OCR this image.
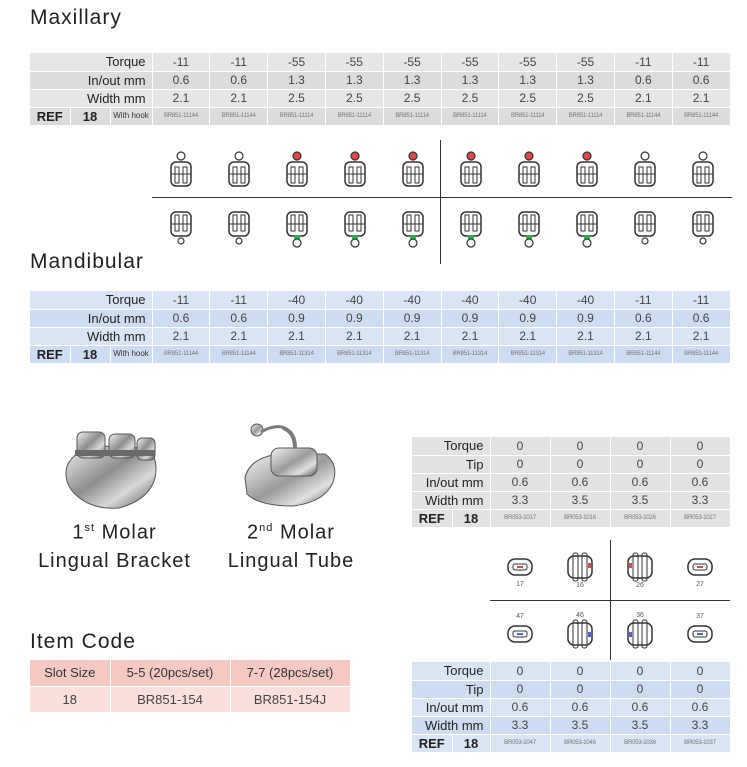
Maxillary
Torque			-11	-11	-55	-55	-55	-55	-55	-55	-11	-11
In/out mm			0.6	0.6	1.3	1.3	1.3	1.3	1.3	1.3	0.6	0.6
Width mm			2.1	2.1	2.5	2.5	2.5	2.5	2.5	2.5	2.1	2.1
REF	18	With hook	BR851-11144	BR851-11144	BR851-11114	BR851-11114	BR851-11114	BR851-11114	BR851-11114	BR851-11114	BR851-11144	BR851-11144
Mandibular
Torque			-11	-11	-40	-40	-40	-40	-40	-40	-11	-11
In/out mm			0.6	0.6	0.9	0.9	0.9	0.9	0.9	0.9	0.6	0.6
Width mm			2.1	2.1	2.1	2.1	2.1	2.1	2.1	2.1	2.1	2.1
REF	18	With hook	BR851-11144	BR851-11144	BR851-11314	BR851-11314	BR851-11314	BR851-11314	BR851-11314	BR851-11314	BR851-11144	BR851-11144
1st Molar
Lingual Bracket
2nd Molar
Lingual Tube
Torque		0	0	0	0
Tip		0	0	0	0
In/out mm		0.6	0.6	0.6	0.6
Width mm		3.3	3.5	3.5	3.3
REF	18	BR053-1017	BR053-1016	BR053-1026	BR053-1027
17	16	26	27
47	46	36	37
Torque		0	0	0	0
Tip		0	0	0	0
In/out mm		0.6	0.6	0.6	0.6
Width mm		3.3	3.5	3.5	3.3
REF	18	BR053-1047	BR053-1046	BR053-1036	BR053-1037
Item Code
Slot Size	5-5 (20pcs/set)	7-7 (28pcs/set)
18	BR851-154	BR851-154J
